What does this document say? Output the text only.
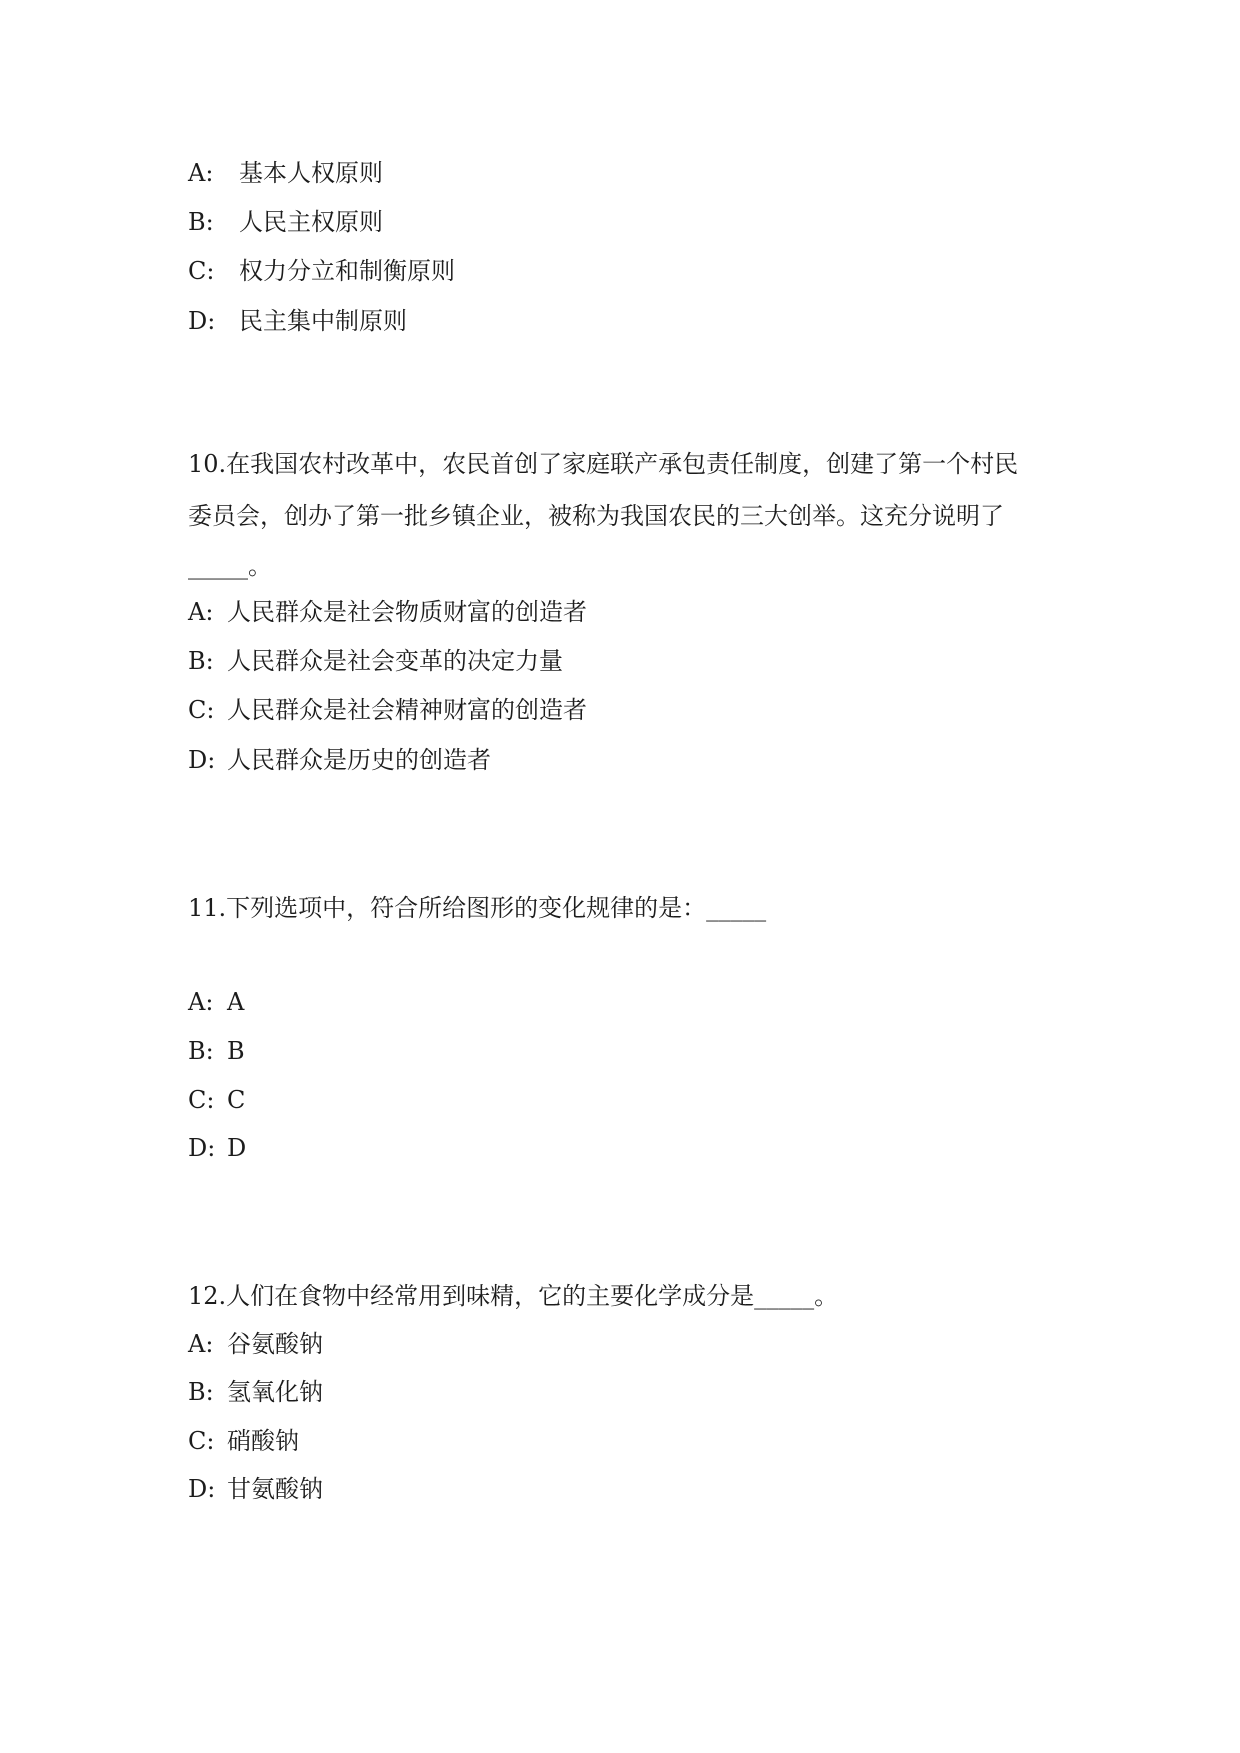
A: 基本人权原则
B: 人民主权原则
C: 权力分立和制衡原则
D: 民主集中制原则
10.在我国农村改革中，农民首创了家庭联产承包责任制度，创建了第一个村民
委员会，创办了第一批乡镇企业，被称为我国农民的三大创举。这充分说明了
_____。
A: 人民群众是社会物质财富的创造者
B: 人民群众是社会变革的决定力量
C: 人民群众是社会精神财富的创造者
D: 人民群众是历史的创造者
11.下列选项中，符合所给图形的变化规律的是：_____
A: A
B: B
C: C
D: D
12.人们在食物中经常用到味精，它的主要化学成分是_____。
A: 谷氨酸钠
B: 氢氧化钠
C: 硝酸钠
D: 甘氨酸钠
